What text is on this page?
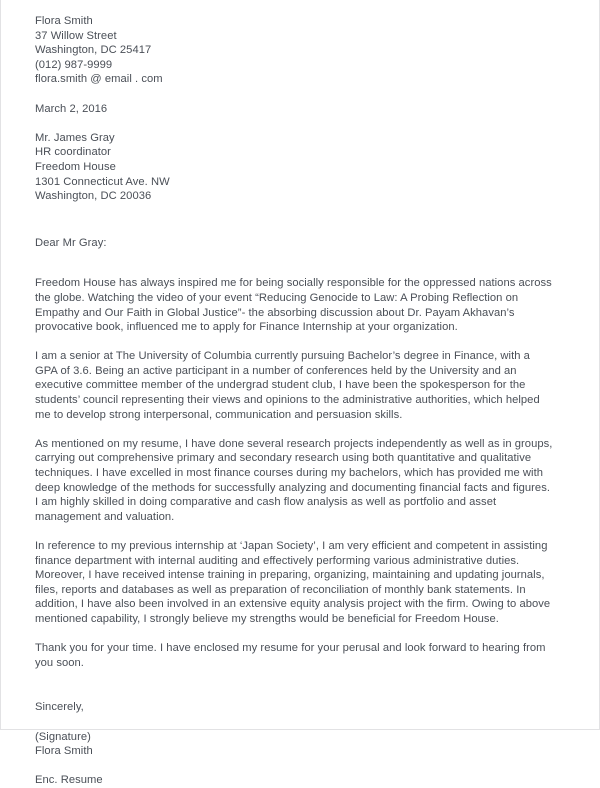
Flora Smith
37 Willow Street
Washington, DC 25417
(012) 987-9999
flora.smith @ email . com
March 2, 2016
Mr. James Gray
HR coordinator
Freedom House
1301 Connecticut Ave. NW
Washington, DC 20036
Dear Mr Gray:

Freedom House has always inspired me for being socially responsible for the oppressed nations across the globe. Watching the video of your event “Reducing Genocide to Law: A Probing Reflection on Empathy and Our Faith in Global Justice”- the absorbing discussion about Dr. Payam Akhavan’s provocative book, influenced me to apply for Finance Internship at your organization.

I am a senior at The University of Columbia currently pursuing Bachelor’s degree in Finance, with a GPA of 3.6. Being an active participant in a number of conferences held by the University and an executive committee member of the undergrad student club, I have been the spokesperson for the students’ council representing their views and opinions to the administrative authorities, which helped me to develop strong interpersonal, communication and persuasion skills.

As mentioned on my resume, I have done several research projects independently as well as in groups, carrying out comprehensive primary and secondary research using both quantitative and qualitative techniques. I have excelled in most finance courses during my bachelors, which has provided me with deep knowledge of the methods for successfully analyzing and documenting financial facts and figures. I am highly skilled in doing comparative and cash flow analysis as well as portfolio and asset management and valuation.

In reference to my previous internship at ‘Japan Society’, I am very efficient and competent in assisting finance department with internal auditing and effectively performing various administrative duties. Moreover, I have received intense training in preparing, organizing, maintaining and updating journals, files, reports and databases as well as preparation of reconciliation of monthly bank statements. In addition, I have also been involved in an extensive equity analysis project with the firm. Owing to above mentioned capability, I strongly believe my strengths would be beneficial for Freedom House.

Thank you for your time. I have enclosed my resume for your perusal and look forward to hearing from you soon.

Sincerely,
(Signature)
Flora Smith
Enc. Resume
